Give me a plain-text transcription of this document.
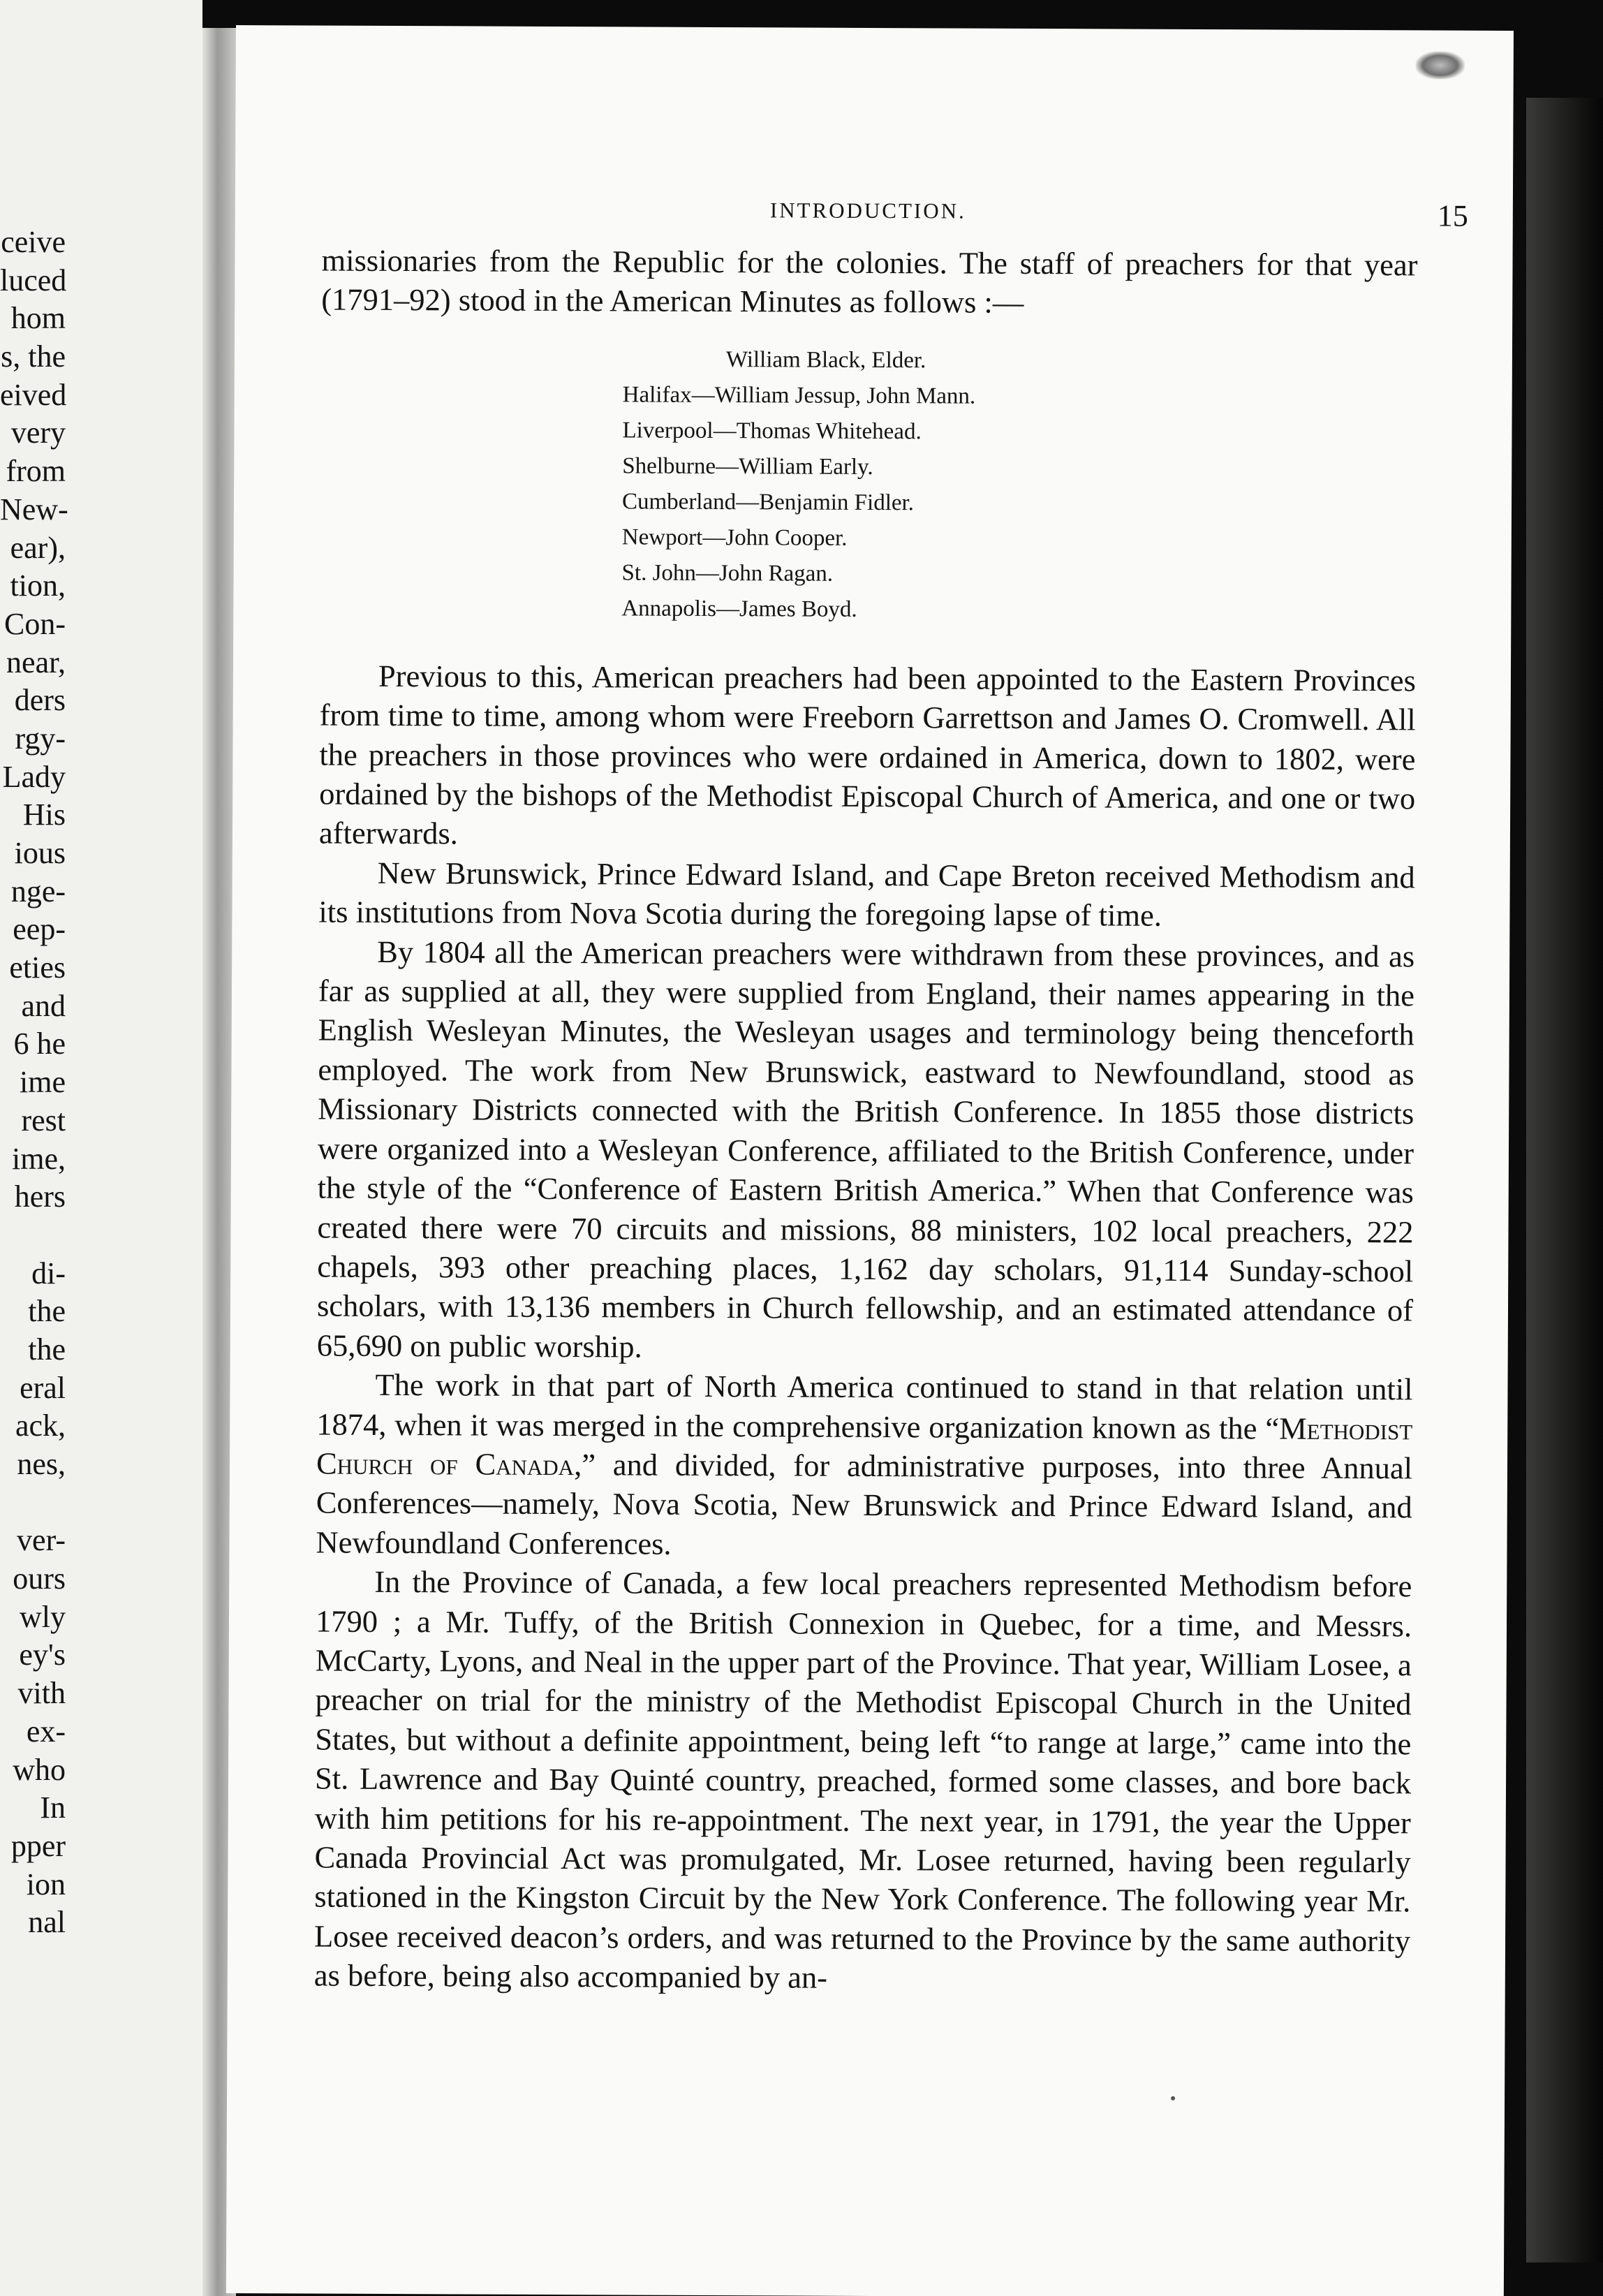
ceive
luced
hom
s, the
eived
very
from
New-
ear),
tion,
Con-
near,
ders
rgy-
Lady
His
ious
nge-
eep-
eties
and
6 he
ime
rest
ime,
hers
di-
the
the
eral
ack,
nes,
ver-
ours
wly
ey's
vith
ex-
who
In
pper
ion
nal
INTRODUCTION.	15

missionaries from the Republic for the colonies. The staff of preachers for that year (1791–92) stood in the American Minutes as follows :—

William Black, Elder.
Halifax—William Jessup, John Mann.
Liverpool—Thomas Whitehead.
Shelburne—William Early.
Cumberland—Benjamin Fidler.
Newport—John Cooper.
St. John—John Ragan.
Annapolis—James Boyd.

Previous to this, American preachers had been appointed to the Eastern Provinces from time to time, among whom were Freeborn Garrettson and James O. Cromwell. All the preachers in those provinces who were ordained in America, down to 1802, were ordained by the bishops of the Methodist Episcopal Church of America, and one or two afterwards.

New Brunswick, Prince Edward Island, and Cape Breton received Methodism and its institutions from Nova Scotia during the foregoing lapse of time.

By 1804 all the American preachers were withdrawn from these provinces, and as far as supplied at all, they were supplied from England, their names appearing in the English Wesleyan Minutes, the Wesleyan usages and terminology being thenceforth employed. The work from New Brunswick, eastward to Newfoundland, stood as Missionary Districts connected with the British Conference. In 1855 those districts were organized into a Wesleyan Conference, affiliated to the British Conference, under the style of the “Conference of Eastern British America.” When that Conference was created there were 70 circuits and missions, 88 ministers, 102 local preachers, 222 chapels, 393 other preaching places, 1,162 day scholars, 91,114 Sunday-school scholars, with 13,136 members in Church fellowship, and an estimated attendance of 65,690 on public worship.

The work in that part of North America continued to stand in that relation until 1874, when it was merged in the comprehensive organization known as the “Methodist Church of Canada,” and divided, for administrative purposes, into three Annual Conferences—namely, Nova Scotia, New Brunswick and Prince Edward Island, and Newfoundland Conferences.

In the Province of Canada, a few local preachers represented Methodism before 1790 ; a Mr. Tuffy, of the British Connexion in Quebec, for a time, and Messrs. McCarty, Lyons, and Neal in the upper part of the Province. That year, William Losee, a preacher on trial for the ministry of the Methodist Episcopal Church in the United States, but without a definite appointment, being left “to range at large,” came into the St. Lawrence and Bay Quinté country, preached, formed some classes, and bore back with him petitions for his re-appointment. The next year, in 1791, the year the Upper Canada Provincial Act was promulgated, Mr. Losee returned, having been regularly stationed in the Kingston Circuit by the New York Conference. The following year Mr. Losee received deacon’s orders, and was returned to the Province by the same authority as before, being also accompanied by an-
